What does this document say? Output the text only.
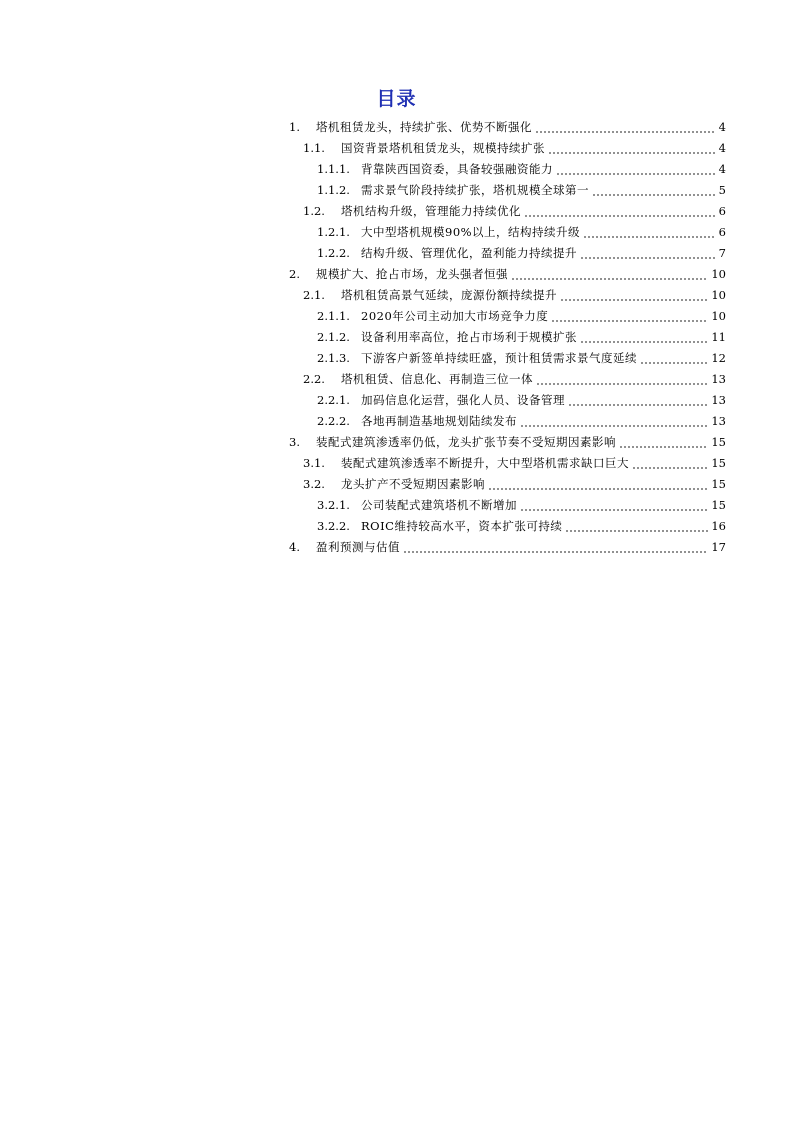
目录
1.	塔机租赁龙头，持续扩张、优势不断强化	4
1.1.	国资背景塔机租赁龙头，规模持续扩张	4
1.1.1. 背靠陕西国资委，具备较强融资能力	4
1.1.2. 需求景气阶段持续扩张，塔机规模全球第一	5
1.2.	塔机结构升级，管理能力持续优化	6
1.2.1. 大中型塔机规模90%以上，结构持续升级	6
1.2.2. 结构升级、管理优化，盈利能力持续提升	7
2.	规模扩大、抢占市场，龙头强者恒强	10
2.1.	塔机租赁高景气延续，庞源份额持续提升	10
2.1.1. 2020年公司主动加大市场竞争力度	10
2.1.2. 设备利用率高位，抢占市场利于规模扩张	11
2.1.3. 下游客户新签单持续旺盛，预计租赁需求景气度延续	12
2.2.	塔机租赁、信息化、再制造三位一体	13
2.2.1. 加码信息化运营，强化人员、设备管理	13
2.2.2. 各地再制造基地规划陆续发布	13
3.	装配式建筑渗透率仍低，龙头扩张节奏不受短期因素影响	15
3.1.	装配式建筑渗透率不断提升，大中型塔机需求缺口巨大	15
3.2.	龙头扩产不受短期因素影响	15
3.2.1. 公司装配式建筑塔机不断增加	15
3.2.2. ROIC维持较高水平，资本扩张可持续	16
4.	盈利预测与估值	17
